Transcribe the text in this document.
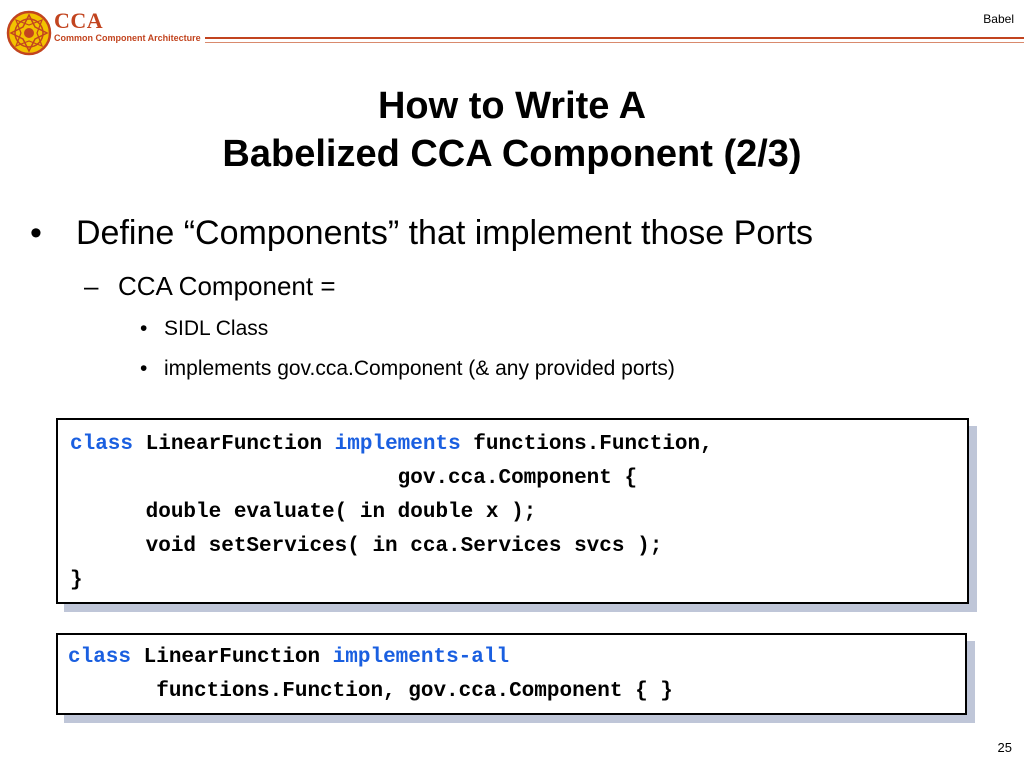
CCA
Common Component Architecture
Babel
How to Write A
Babelized CCA Component (2/3)
• Define “Components” that implement those Ports
– CCA Component =
• SIDL Class
• implements gov.cca.Component (& any provided ports)
class LinearFunction implements functions.Function,
gov.cca.Component {
double evaluate( in double x );
void setServices( in cca.Services svcs );
}
class LinearFunction implements-all
functions.Function, gov.cca.Component { }
25
